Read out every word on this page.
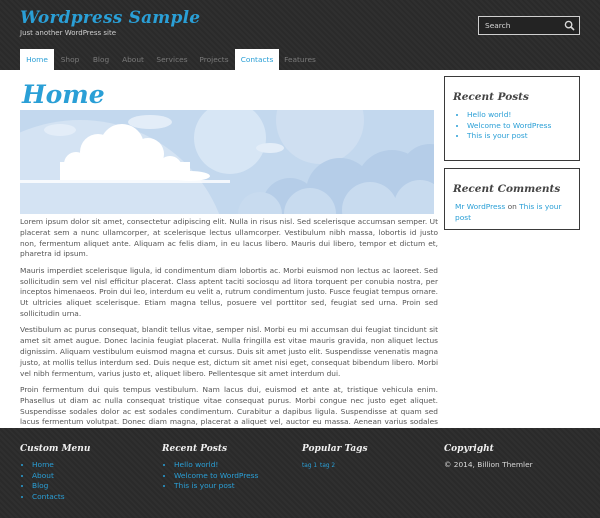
Wordpress Sample
Just another WordPress site
Search
Home	Shop	Blog	About	Services	Projects	Contacts	Features
Home

Lorem ipsum dolor sit amet, consectetur adipiscing elit. Nulla in risus nisl. Sed scelerisque accumsan semper. Ut placerat sem a nunc ullamcorper, at scelerisque lectus ullamcorper. Vestibulum nibh massa, lobortis id justo non, fermentum aliquet ante. Aliquam ac felis diam, in eu lacus libero. Mauris dui libero, tempor et dictum et, pharetra id ipsum.

Mauris imperdiet scelerisque ligula, id condimentum diam lobortis ac. Morbi euismod non lectus ac laoreet. Sed sollicitudin sem vel nisl efficitur placerat. Class aptent taciti sociosqu ad litora torquent per conubia nostra, per inceptos himenaeos. Proin dui leo, interdum eu velit a, rutrum condimentum justo. Fusce feugiat tempus ornare. Ut ultricies aliquet scelerisque. Etiam magna tellus, posuere vel porttitor sed, feugiat sed urna. Proin sed sollicitudin urna.

Vestibulum ac purus consequat, blandit tellus vitae, semper nisl. Morbi eu mi accumsan dui feugiat tincidunt sit amet sit amet augue. Donec lacinia feugiat placerat. Nulla fringilla est vitae mauris gravida, non aliquet lectus dignissim. Aliquam vestibulum euismod magna et cursus. Duis sit amet justo elit. Suspendisse venenatis magna justo, at mollis tellus interdum sed. Duis neque est, dictum sit amet nisi eget, consequat bibendum libero. Morbi vel nibh fermentum, varius justo et, aliquet libero. Pellentesque sit amet interdum dui.

Proin fermentum dui quis tempus vestibulum. Nam lacus dui, euismod et ante at, tristique vehicula enim. Phasellus ut diam ac nulla consequat tristique vitae consequat purus. Morbi congue nec justo eget aliquet. Suspendisse sodales dolor ac est sodales condimentum. Curabitur a dapibus ligula. Suspendisse at quam sed lacus fermentum volutpat. Donec diam magna, placerat a aliquet vel, auctor eu massa. Aenean varius sodales

Recent Posts
• Hello world!
• Welcome to WordPress
• This is your post
Recent Comments
Mr WordPress on This is your post
Custom Menu
• Home
• About
• Blog
• Contacts
Recent Posts
• Hello world!
• Welcome to WordPress
• This is your post
Popular Tags
tag 1 tag 2
Copyright
© 2014, Billion Themler
